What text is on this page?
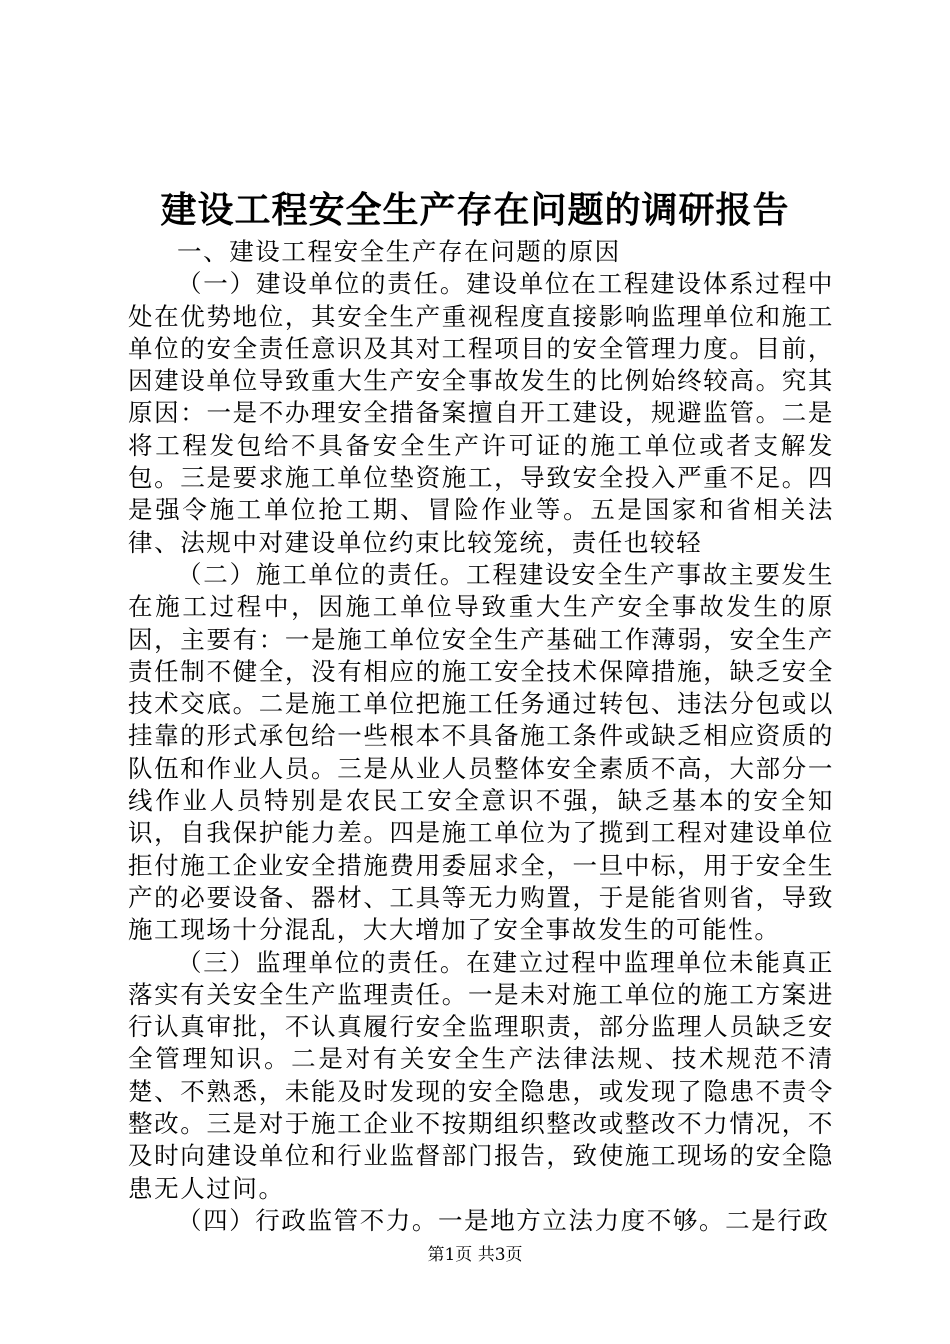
建设工程安全生产存在问题的调研报告

一、建设工程安全生产存在问题的原因

（一）建设单位的责任。建设单位在工程建设体系过程中处在优势地位，其安全生产重视程度直接影响监理单位和施工单位的安全责任意识及其对工程项目的安全管理力度。目前，因建设单位导致重大生产安全事故发生的比例始终较高。究其原因：一是不办理安全措备案擅自开工建设，规避监管。二是将工程发包给不具备安全生产许可证的施工单位或者支解发包。三是要求施工单位垫资施工，导致安全投入严重不足。四是强令施工单位抢工期、冒险作业等。五是国家和省相关法律、法规中对建设单位约束比较笼统，责任也较轻

（二）施工单位的责任。工程建设安全生产事故主要发生在施工过程中，因施工单位导致重大生产安全事故发生的原因，主要有：一是施工单位安全生产基础工作薄弱，安全生产责任制不健全，没有相应的施工安全技术保障措施，缺乏安全技术交底。二是施工单位把施工任务通过转包、违法分包或以挂靠的形式承包给一些根本不具备施工条件或缺乏相应资质的队伍和作业人员。三是从业人员整体安全素质不高，大部分一线作业人员特别是农民工安全意识不强，缺乏基本的安全知识，自我保护能力差。四是施工单位为了揽到工程对建设单位拒付施工企业安全措施费用委屈求全，一旦中标，用于安全生产的必要设备、器材、工具等无力购置，于是能省则省，导致施工现场十分混乱，大大增加了安全事故发生的可能性。

（三）监理单位的责任。在建立过程中监理单位未能真正落实有关安全生产监理责任。一是未对施工单位的施工方案进行认真审批，不认真履行安全监理职责，部分监理人员缺乏安全管理知识。二是对有关安全生产法律法规、技术规范不清楚、不熟悉，未能及时发现的安全隐患，或发现了隐患不责令整改。三是对于施工企业不按期组织整改或整改不力情况，不及时向建设单位和行业监督部门报告，致使施工现场的安全隐患无人过问。

（四）行政监管不力。一是地方立法力度不够。二是行政

第1页 共3页
